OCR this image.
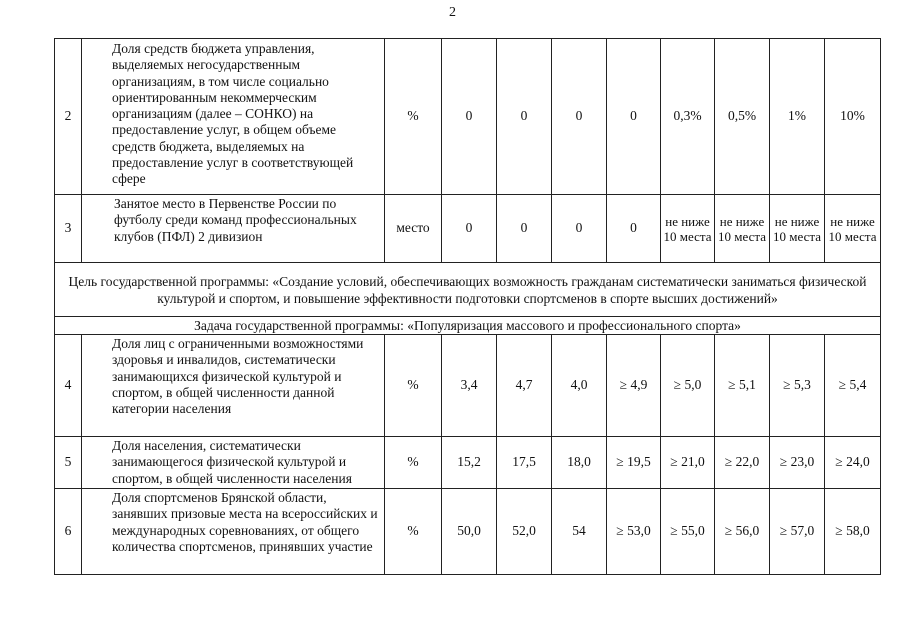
2
2	Доля средств бюджета управления, выделяемых негосударственным организациям, в том числе социально ориентированным некоммерческим организациям (далее – СОНКО) на предоставление услуг, в общем объеме средств бюджета, выделяемых на предоставление услуг в соответствующей сфере	%	0	0	0	0	0,3%	0,5%	1%	10%
3	Занятое место в Первенстве России по футболу среди команд профессиональных клубов (ПФЛ) 2 дивизион	место	0	0	0	0	не ниже 10 места	не ниже 10 места	не ниже 10 места	не ниже 10 места
Цель государственной программы: «Создание условий, обеспечивающих возможность гражданам систематически заниматься физической культурой и спортом, и повышение эффективности подготовки спортсменов в спорте высших достижений»										
Задача государственной программы: «Популяризация массового и профессионального спорта»										
4	Доля лиц с ограниченными возможностями здоровья и инвалидов, систематически занимающихся физической культурой и спортом, в общей численности данной категории населения	%	3,4	4,7	4,0	≥ 4,9	≥ 5,0	≥ 5,1	≥ 5,3	≥ 5,4
5	Доля населения, систематически занимающегося физической культурой и спортом, в общей численности населения	%	15,2	17,5	18,0	≥ 19,5	≥ 21,0	≥ 22,0	≥ 23,0	≥ 24,0
6	Доля спортсменов Брянской области, занявших призовые места на всероссийских и международных соревнованиях, от общего количества спортсменов, принявших участие	%	50,0	52,0	54	≥ 53,0	≥ 55,0	≥ 56,0	≥ 57,0	≥ 58,0
